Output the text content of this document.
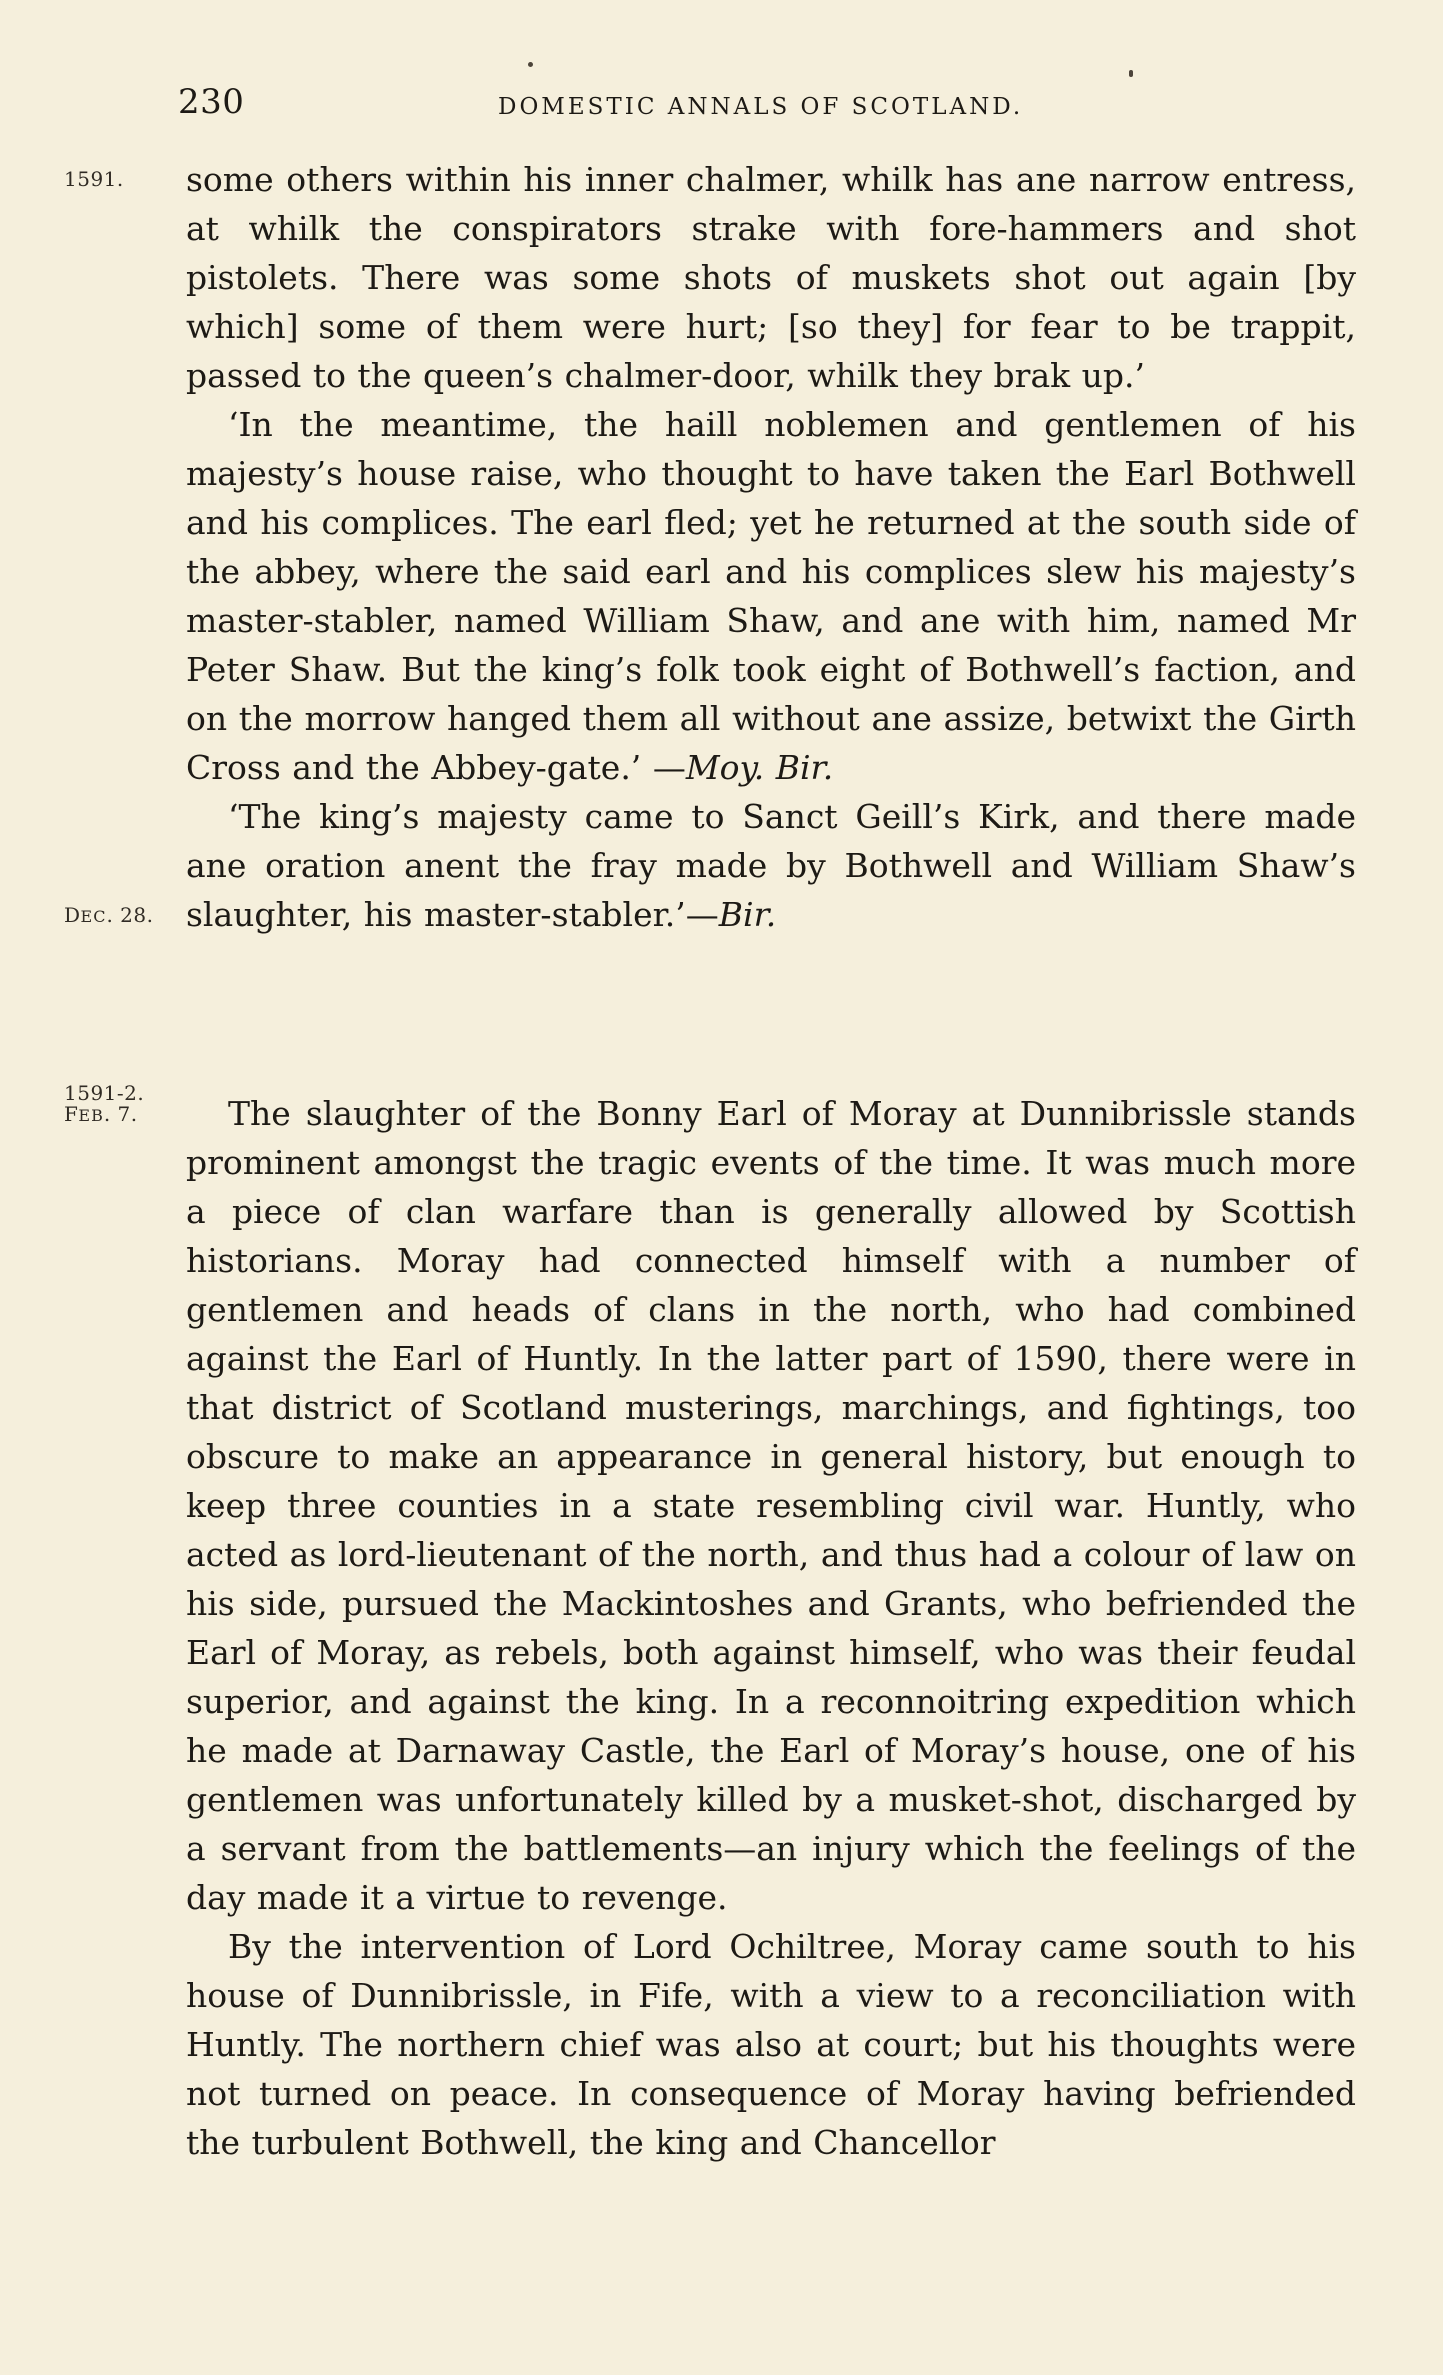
230	DOMESTIC ANNALS OF SCOTLAND.
1591.
DEC. 28.
1591-2.
FEB. 7.

some others within his inner chalmer, whilk has ane narrow entress, at whilk the conspirators strake with fore-hammers and shot pistolets. There was some shots of muskets shot out again [by which] some of them were hurt; [so they] for fear to be trappit, passed to the queen’s chalmer-door, whilk they brak up.’

‘In the meantime, the haill noblemen and gentlemen of his majesty’s house raise, who thought to have taken the Earl Bothwell and his complices. The earl fled; yet he returned at the south side of the abbey, where the said earl and his complices slew his majesty’s master-stabler, named William Shaw, and ane with him, named Mr Peter Shaw. But the king’s folk took eight of Bothwell’s faction, and on the morrow hanged them all without ane assize, betwixt the Girth Cross and the Abbey-gate.’ —Moy. Bir.

‘The king’s majesty came to Sanct Geill’s Kirk, and there made ane oration anent the fray made by Bothwell and William Shaw’s slaughter, his master-stabler.’—Bir.

The slaughter of the Bonny Earl of Moray at Dunnibrissle stands prominent amongst the tragic events of the time. It was much more a piece of clan warfare than is generally allowed by Scottish historians. Moray had connected himself with a number of gentlemen and heads of clans in the north, who had combined against the Earl of Huntly. In the latter part of 1590, there were in that district of Scotland musterings, marchings, and fightings, too obscure to make an appearance in general history, but enough to keep three counties in a state resembling civil war. Huntly, who acted as lord-lieutenant of the north, and thus had a colour of law on his side, pursued the Mackintoshes and Grants, who befriended the Earl of Moray, as rebels, both against himself, who was their feudal superior, and against the king. In a reconnoitring expedition which he made at Darnaway Castle, the Earl of Moray’s house, one of his gentlemen was unfortunately killed by a musket-shot, discharged by a servant from the battlements—an injury which the feelings of the day made it a virtue to revenge.

By the intervention of Lord Ochiltree, Moray came south to his house of Dunnibrissle, in Fife, with a view to a reconciliation with Huntly. The northern chief was also at court; but his thoughts were not turned on peace. In consequence of Moray having befriended the turbulent Bothwell, the king and Chancellor
